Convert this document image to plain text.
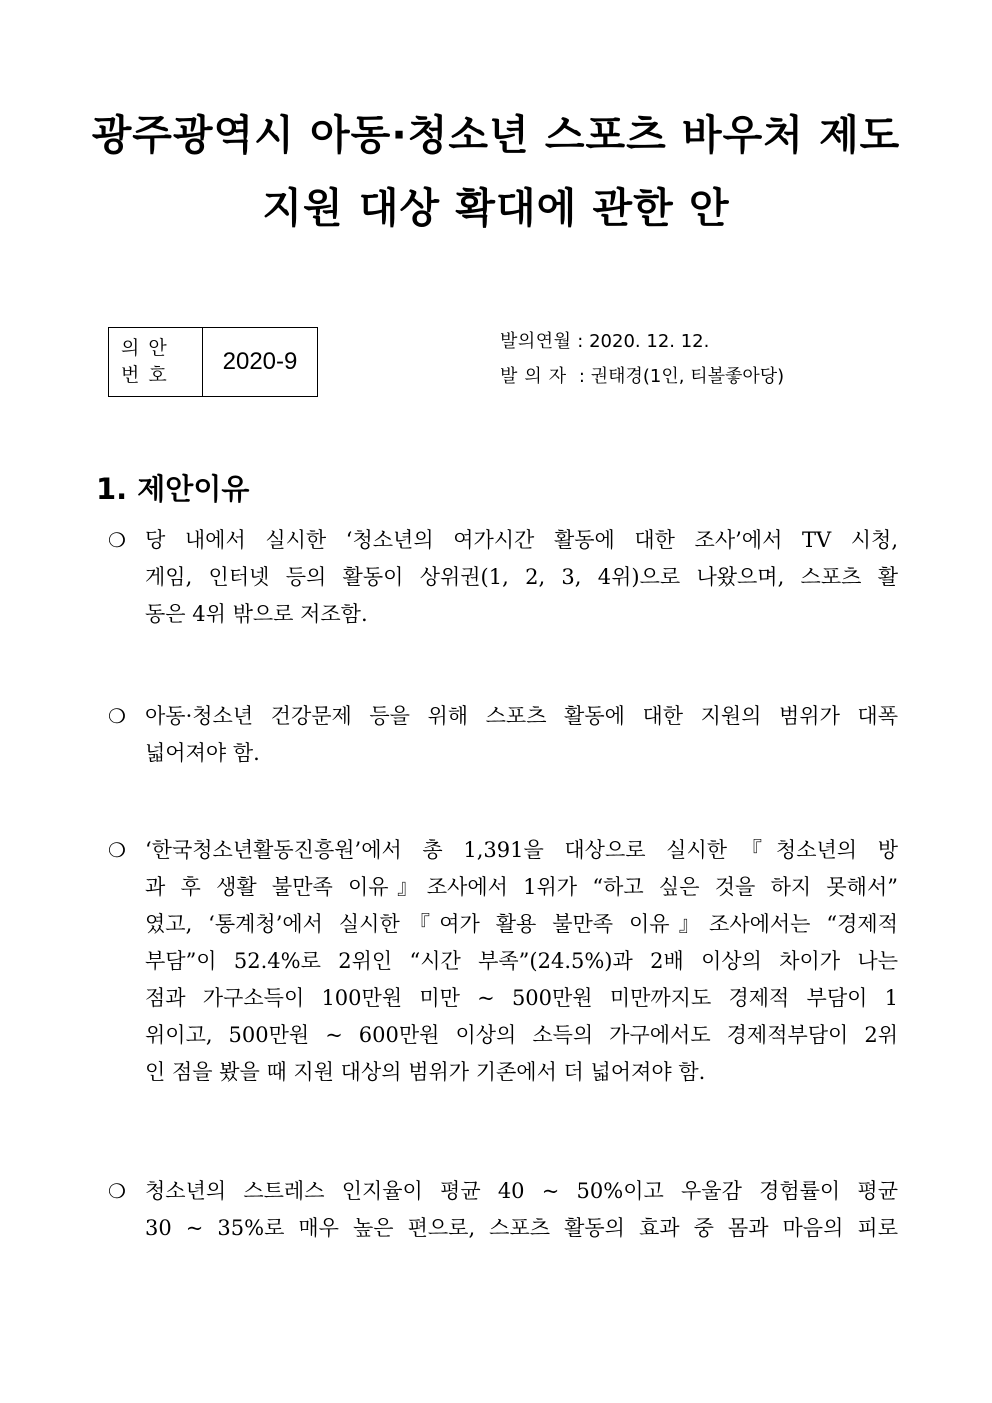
광주광역시 아동·청소년 스포츠 바우처 제도
지원 대상 확대에 관한 안
의안
번호	2020-9
발의연월 : 2020. 12. 12.
발의자 : 권태경(1인, 티볼좋아당)
1. 제안이유
❍ 당 내에서 실시한 ‘청소년의 여가시간 활동에 대한 조사’에서 TV 시청,
게임, 인터넷 등의 활동이 상위권(1, 2, 3, 4위)으로 나왔으며, 스포츠 활
동은 4위 밖으로 저조함.
❍ 아동·청소년 건강문제 등을 위해 스포츠 활동에 대한 지원의 범위가 대폭
넓어져야 함.
❍ ‘한국청소년활동진흥원’에서 총 1,391을 대상으로 실시한『청소년의 방
과 후 생활 불만족 이유』조사에서 1위가 “하고 싶은 것을 하지 못해서”
였고, ‘통계청’에서 실시한『여가 활용 불만족 이유』조사에서는 “경제적
부담”이 52.4%로 2위인 “시간 부족”(24.5%)과 2배 이상의 차이가 나는
점과 가구소득이 100만원 미만 ~ 500만원 미만까지도 경제적 부담이 1
위이고, 500만원 ~ 600만원 이상의 소득의 가구에서도 경제적부담이 2위
인 점을 봤을 때 지원 대상의 범위가 기존에서 더 넓어져야 함.
❍ 청소년의 스트레스 인지율이 평균 40 ~ 50%이고 우울감 경험률이 평균
30 ~ 35%로 매우 높은 편으로, 스포츠 활동의 효과 중 몸과 마음의 피로
